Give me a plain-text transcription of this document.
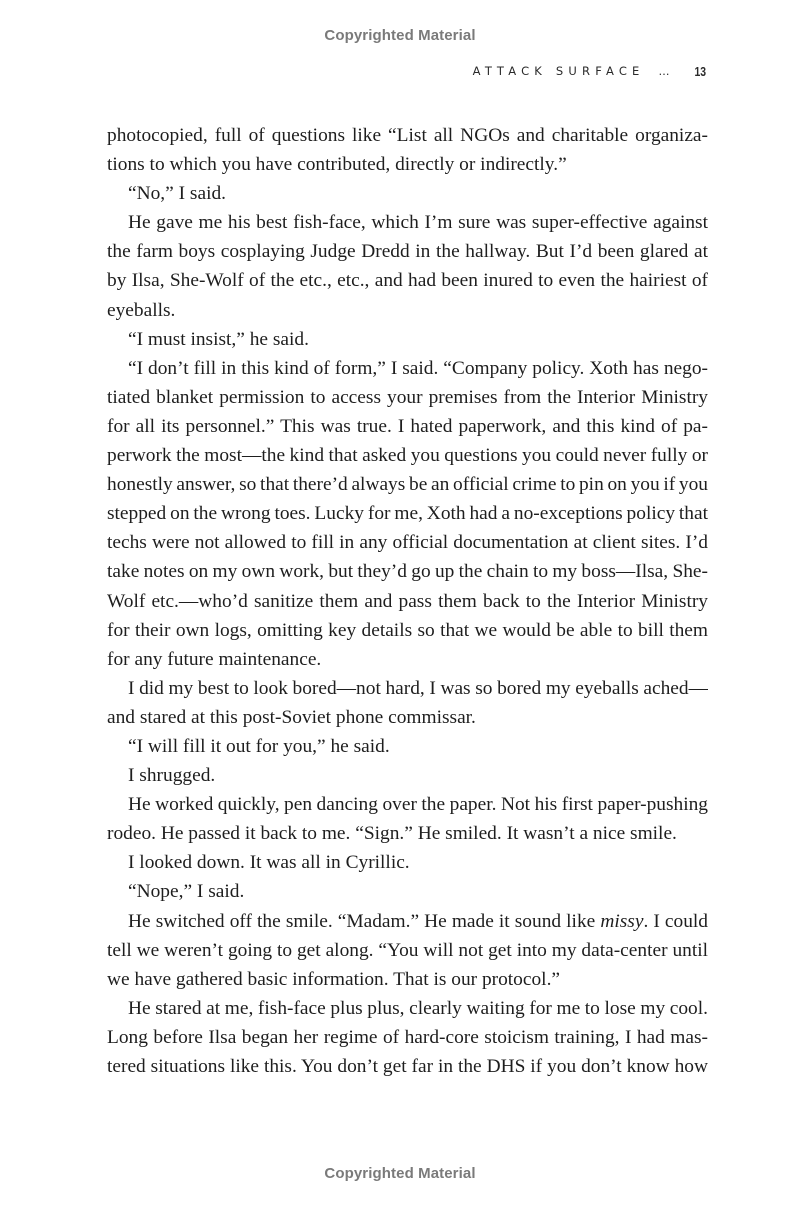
Copyrighted Material
ATTACK SURFACE … 13
photocopied, full of questions like “List all NGOs and charitable organiza-
tions to which you have contributed, directly or indirectly.”
“No,” I said.
He gave me his best fish-face, which I’m sure was super-effective against
the farm boys cosplaying Judge Dredd in the hallway. But I’d been glared at
by Ilsa, She-Wolf of the etc., etc., and had been inured to even the hairiest of
eyeballs.
“I must insist,” he said.
“I don’t fill in this kind of form,” I said. “Company policy. Xoth has nego-
tiated blanket permission to access your premises from the Interior Ministry
for all its personnel.” This was true. I hated paperwork, and this kind of pa-
perwork the most—the kind that asked you questions you could never fully or
honestly answer, so that there’d always be an official crime to pin on you if you
stepped on the wrong toes. Lucky for me, Xoth had a no-exceptions policy that
techs were not allowed to fill in any official documentation at client sites. I’d
take notes on my own work, but they’d go up the chain to my boss—Ilsa, She-
Wolf etc.—who’d sanitize them and pass them back to the Interior Ministry
for their own logs, omitting key details so that we would be able to bill them
for any future maintenance.
I did my best to look bored—not hard, I was so bored my eyeballs ached—
and stared at this post-Soviet phone commissar.
“I will fill it out for you,” he said.
I shrugged.
He worked quickly, pen dancing over the paper. Not his first paper-pushing
rodeo. He passed it back to me. “Sign.” He smiled. It wasn’t a nice smile.
I looked down. It was all in Cyrillic.
“Nope,” I said.
He switched off the smile. “Madam.” He made it sound like missy. I could
tell we weren’t going to get along. “You will not get into my data-center until
we have gathered basic information. That is our protocol.”
He stared at me, fish-face plus plus, clearly waiting for me to lose my cool.
Long before Ilsa began her regime of hard-core stoicism training, I had mas-
tered situations like this. You don’t get far in the DHS if you don’t know how
Copyrighted Material
